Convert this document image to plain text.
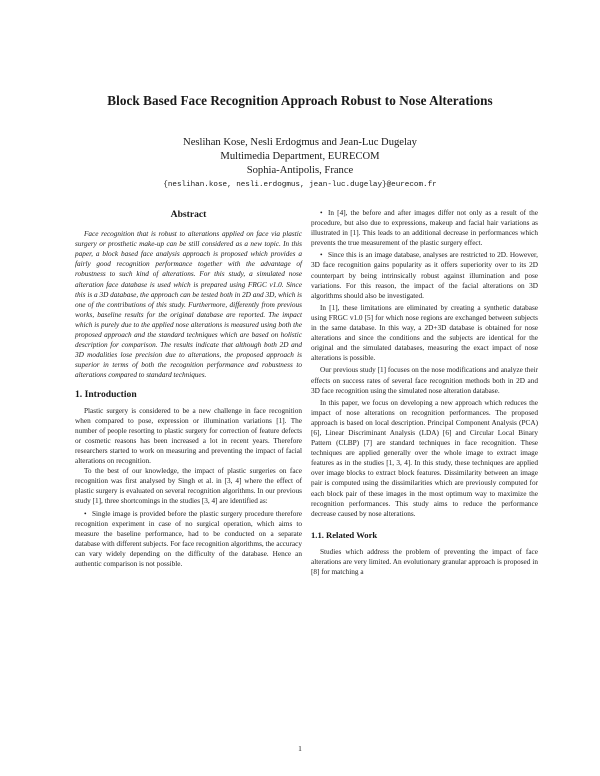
Block Based Face Recognition Approach Robust to Nose Alterations
Neslihan Kose, Nesli Erdogmus and Jean-Luc Dugelay
Multimedia Department, EURECOM
Sophia-Antipolis, France
{neslihan.kose, nesli.erdogmus, jean-luc.dugelay}@eurecom.fr
Abstract

Face recognition that is robust to alterations applied on face via plastic surgery or prosthetic make-up can be still considered as a new topic. In this paper, a block based face analysis approach is proposed which provides a fairly good recognition performance together with the advantage of robustness to such kind of alterations. For this study, a simulated nose alteration face database is used which is prepared using FRGC v1.0. Since this is a 3D database, the approach can be tested both in 2D and 3D, which is one of the contributions of this study. Furthermore, differently from previous works, baseline results for the original database are reported. The impact which is purely due to the applied nose alterations is measured using both the proposed approach and the standard techniques which are based on holistic description for comparison. The results indicate that although both 2D and 3D modalities lose precision due to alterations, the proposed approach is superior in terms of both the recognition performance and robustness to alterations compared to standard techniques.

1. Introduction

Plastic surgery is considered to be a new challenge in face recognition when compared to pose, expression or illumination variations [1]. The number of people resorting to plastic surgery for correction of feature defects or cosmetic reasons has been increased a lot in recent years. Therefore researchers started to work on measuring and preventing the impact of facial alterations on recognition.

To the best of our knowledge, the impact of plastic surgeries on face recognition was first analysed by Singh et al. in [3, 4] where the effect of plastic surgery is evaluated on several recognition algorithms. In our previous study [1], three shortcomings in the studies [3, 4] are identified as:

• Single image is provided before the plastic surgery procedure therefore recognition experiment in case of no surgical operation, which aims to measure the baseline performance, had to be conducted on a separate database with different subjects. For face recognition algorithms, the accuracy can vary widely depending on the difficulty of the database. Hence an authentic comparison is not possible.

• In [4], the before and after images differ not only as a result of the procedure, but also due to expressions, makeup and facial hair variations as illustrated in [1]. This leads to an additional decrease in performances which prevents the true measurement of the plastic surgery effect.

• Since this is an image database, analyses are restricted to 2D. However, 3D face recognition gains popularity as it offers superiority over to its 2D counterpart by being intrinsically robust against illumination and pose variations. For this reason, the impact of the facial alterations on 3D algorithms should also be investigated.

In [1], these limitations are eliminated by creating a synthetic database using FRGC v1.0 [5] for which nose regions are exchanged between subjects in the same database. In this way, a 2D+3D database is obtained for nose alterations and since the conditions and the subjects are identical for the original and the simulated databases, measuring the exact impact of nose alterations is possible.

Our previous study [1] focuses on the nose modifications and analyze their effects on success rates of several face recognition methods both in 2D and 3D face recognition using the simulated nose alteration database.

In this paper, we focus on developing a new approach which reduces the impact of nose alterations on recognition performances. The proposed approach is based on local description. Principal Component Analysis (PCA) [6], Linear Discriminant Analysis (LDA) [6] and Circular Local Binary Pattern (CLBP) [7] are standard techniques in face recognition. These techniques are applied generally over the whole image to extract image features as in the studies [1, 3, 4]. In this study, these techniques are applied over image blocks to extract block features. Dissimilarity between an image pair is computed using the dissimilarities which are previously computed for each block pair of these images in the most optimum way to maximize the recognition performances. This study aims to reduce the performance decrease caused by nose alterations.

1.1. Related Work

Studies which address the problem of preventing the impact of face alterations are very limited. An evolutionary granular approach is proposed in [8] for matching a

1
